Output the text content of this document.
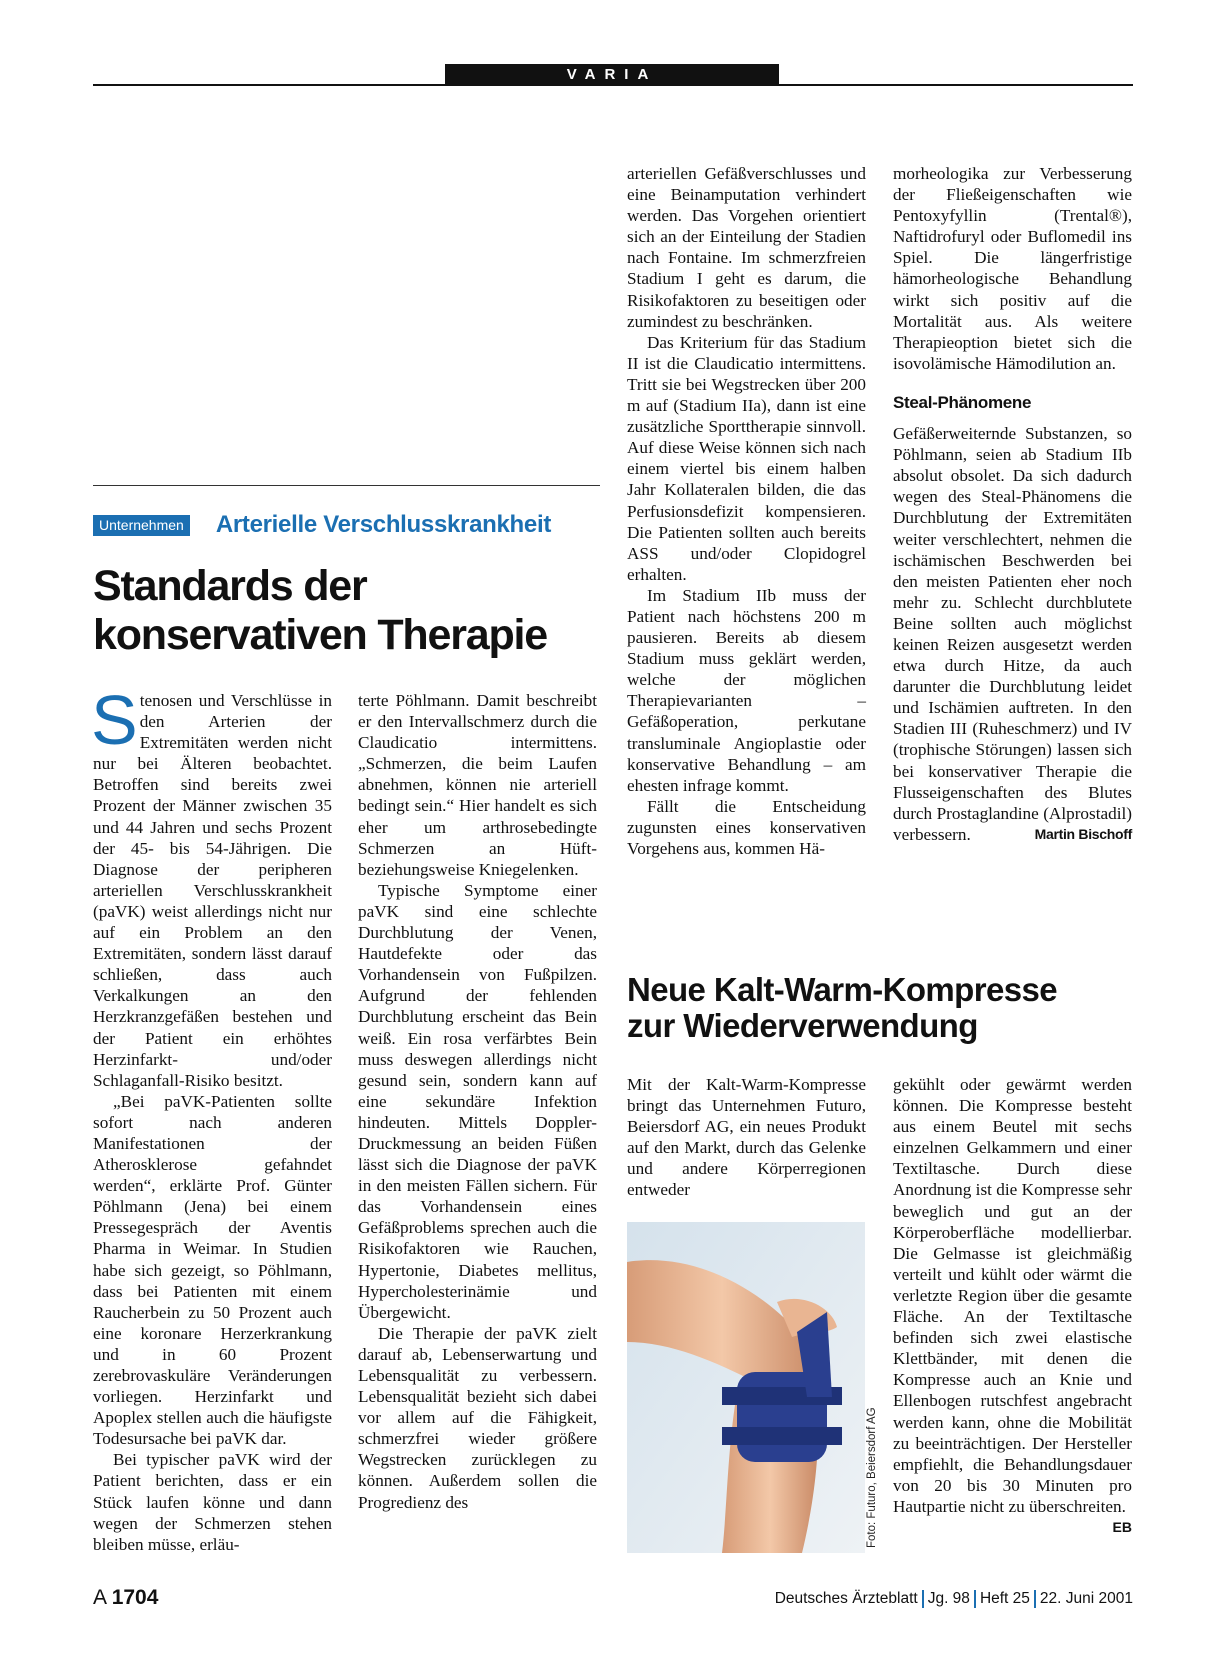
VARIA
Unternehmen Arterielle Verschlusskrankheit
Standards der
konservativen Therapie

Stenosen und Verschlüsse in den Arterien der Extremitäten werden nicht nur bei Älteren beobachtet. Betroffen sind bereits zwei Prozent der Männer zwischen 35 und 44 Jahren und sechs Prozent der 45- bis 54-Jährigen. Die Diagnose der peripheren arteriellen Verschlusskrankheit (paVK) weist allerdings nicht nur auf ein Problem an den Extremitäten, sondern lässt darauf schließen, dass auch Verkalkungen an den Herzkranzgefäßen bestehen und der Patient ein erhöhtes Herzinfarkt- und/oder Schlaganfall-Risiko besitzt.

„Bei paVK-Patienten sollte sofort nach anderen Manifestationen der Atherosklerose gefahndet werden“, erklärte Prof. Günter Pöhlmann (Jena) bei einem Pressegespräch der Aventis Pharma in Weimar. In Studien habe sich gezeigt, so Pöhlmann, dass bei Patienten mit einem Raucherbein zu 50 Prozent auch eine koronare Herzerkrankung und in 60 Prozent zerebrovaskuläre Veränderungen vorliegen. Herzinfarkt und Apoplex stellen auch die häufigste Todesursache bei paVK dar.

Bei typischer paVK wird der Patient berichten, dass er ein Stück laufen könne und dann wegen der Schmerzen stehen bleiben müsse, erläu-

terte Pöhlmann. Damit beschreibt er den Intervallschmerz durch die Claudicatio intermittens. „Schmerzen, die beim Laufen abnehmen, können nie arteriell bedingt sein.“ Hier handelt es sich eher um arthrosebedingte Schmerzen an Hüft- beziehungsweise Kniegelenken.

Typische Symptome einer paVK sind eine schlechte Durchblutung der Venen, Hautdefekte oder das Vorhandensein von Fußpilzen. Aufgrund der fehlenden Durchblutung erscheint das Bein weiß. Ein rosa verfärbtes Bein muss deswegen allerdings nicht gesund sein, sondern kann auf eine sekundäre Infektion hindeuten. Mittels Doppler-Druckmessung an beiden Füßen lässt sich die Diagnose der paVK in den meisten Fällen sichern. Für das Vorhandensein eines Gefäßproblems sprechen auch die Risikofaktoren wie Rauchen, Hypertonie, Diabetes mellitus, Hypercholesterinämie und Übergewicht.

Die Therapie der paVK zielt darauf ab, Lebenserwartung und Lebensqualität zu verbessern. Lebensqualität bezieht sich dabei vor allem auf die Fähigkeit, schmerzfrei wieder größere Wegstrecken zurücklegen zu können. Außerdem sollen die Progredienz des

arteriellen Gefäßverschlusses und eine Beinamputation verhindert werden. Das Vorgehen orientiert sich an der Einteilung der Stadien nach Fontaine. Im schmerzfreien Stadium I geht es darum, die Risikofaktoren zu beseitigen oder zumindest zu beschränken.

Das Kriterium für das Stadium II ist die Claudicatio intermittens. Tritt sie bei Wegstrecken über 200 m auf (Stadium IIa), dann ist eine zusätzliche Sporttherapie sinnvoll. Auf diese Weise können sich nach einem viertel bis einem halben Jahr Kollateralen bilden, die das Perfusionsdefizit kompensieren. Die Patienten sollten auch bereits ASS und/oder Clopidogrel erhalten.

Im Stadium IIb muss der Patient nach höchstens 200 m pausieren. Bereits ab diesem Stadium muss geklärt werden, welche der möglichen Therapievarianten – Gefäßoperation, perkutane transluminale Angioplastie oder konservative Behandlung – am ehesten infrage kommt.

Fällt die Entscheidung zugunsten eines konservativen Vorgehens aus, kommen Hä-

morheologika zur Verbesserung der Fließeigenschaften wie Pentoxyfyllin (Trental®), Naftidrofuryl oder Buflomedil ins Spiel. Die längerfristige hämorheologische Behandlung wirkt sich positiv auf die Mortalität aus. Als weitere Therapieoption bietet sich die isovolämische Hämodilution an.

Steal-Phänomene

Gefäßerweiternde Substanzen, so Pöhlmann, seien ab Stadium IIb absolut obsolet. Da sich dadurch wegen des Steal-Phänomens die Durchblutung der Extremitäten weiter verschlechtert, nehmen die ischämischen Beschwerden bei den meisten Patienten eher noch mehr zu. Schlecht durchblutete Beine sollten auch möglichst keinen Reizen ausgesetzt werden etwa durch Hitze, da auch darunter die Durchblutung leidet und Ischämien auftreten. In den Stadien III (Ruheschmerz) und IV (trophische Störungen) lassen sich bei konservativer Therapie die Flusseigenschaften des Blutes durch Prostaglandine (Alprostadil) verbessern.	Martin Bischoff

Neue Kalt-Warm-Kompresse
zur Wiederverwendung

Mit der Kalt-Warm-Kompresse bringt das Unternehmen Futuro, Beiersdorf AG, ein neues Produkt auf den Markt, durch das Gelenke und andere Körperregionen entweder

Foto: Futuro, Beiersdorf AG

gekühlt oder gewärmt werden können. Die Kompresse besteht aus einem Beutel mit sechs einzelnen Gelkammern und einer Textiltasche. Durch diese Anordnung ist die Kompresse sehr beweglich und gut an der Körperoberfläche modellierbar. Die Gelmasse ist gleichmäßig verteilt und kühlt oder wärmt die verletzte Region über die gesamte Fläche. An der Textiltasche befinden sich zwei elastische Klettbänder, mit denen die Kompresse auch an Knie und Ellenbogen rutschfest angebracht werden kann, ohne die Mobilität zu beeinträchtigen. Der Hersteller empfiehlt, die Behandlungsdauer von 20 bis 30 Minuten pro Hautpartie nicht zu überschreiten.
EB

A 1704	Deutsches Ärzteblatt Jg. 98 Heft 25 22. Juni 2001
